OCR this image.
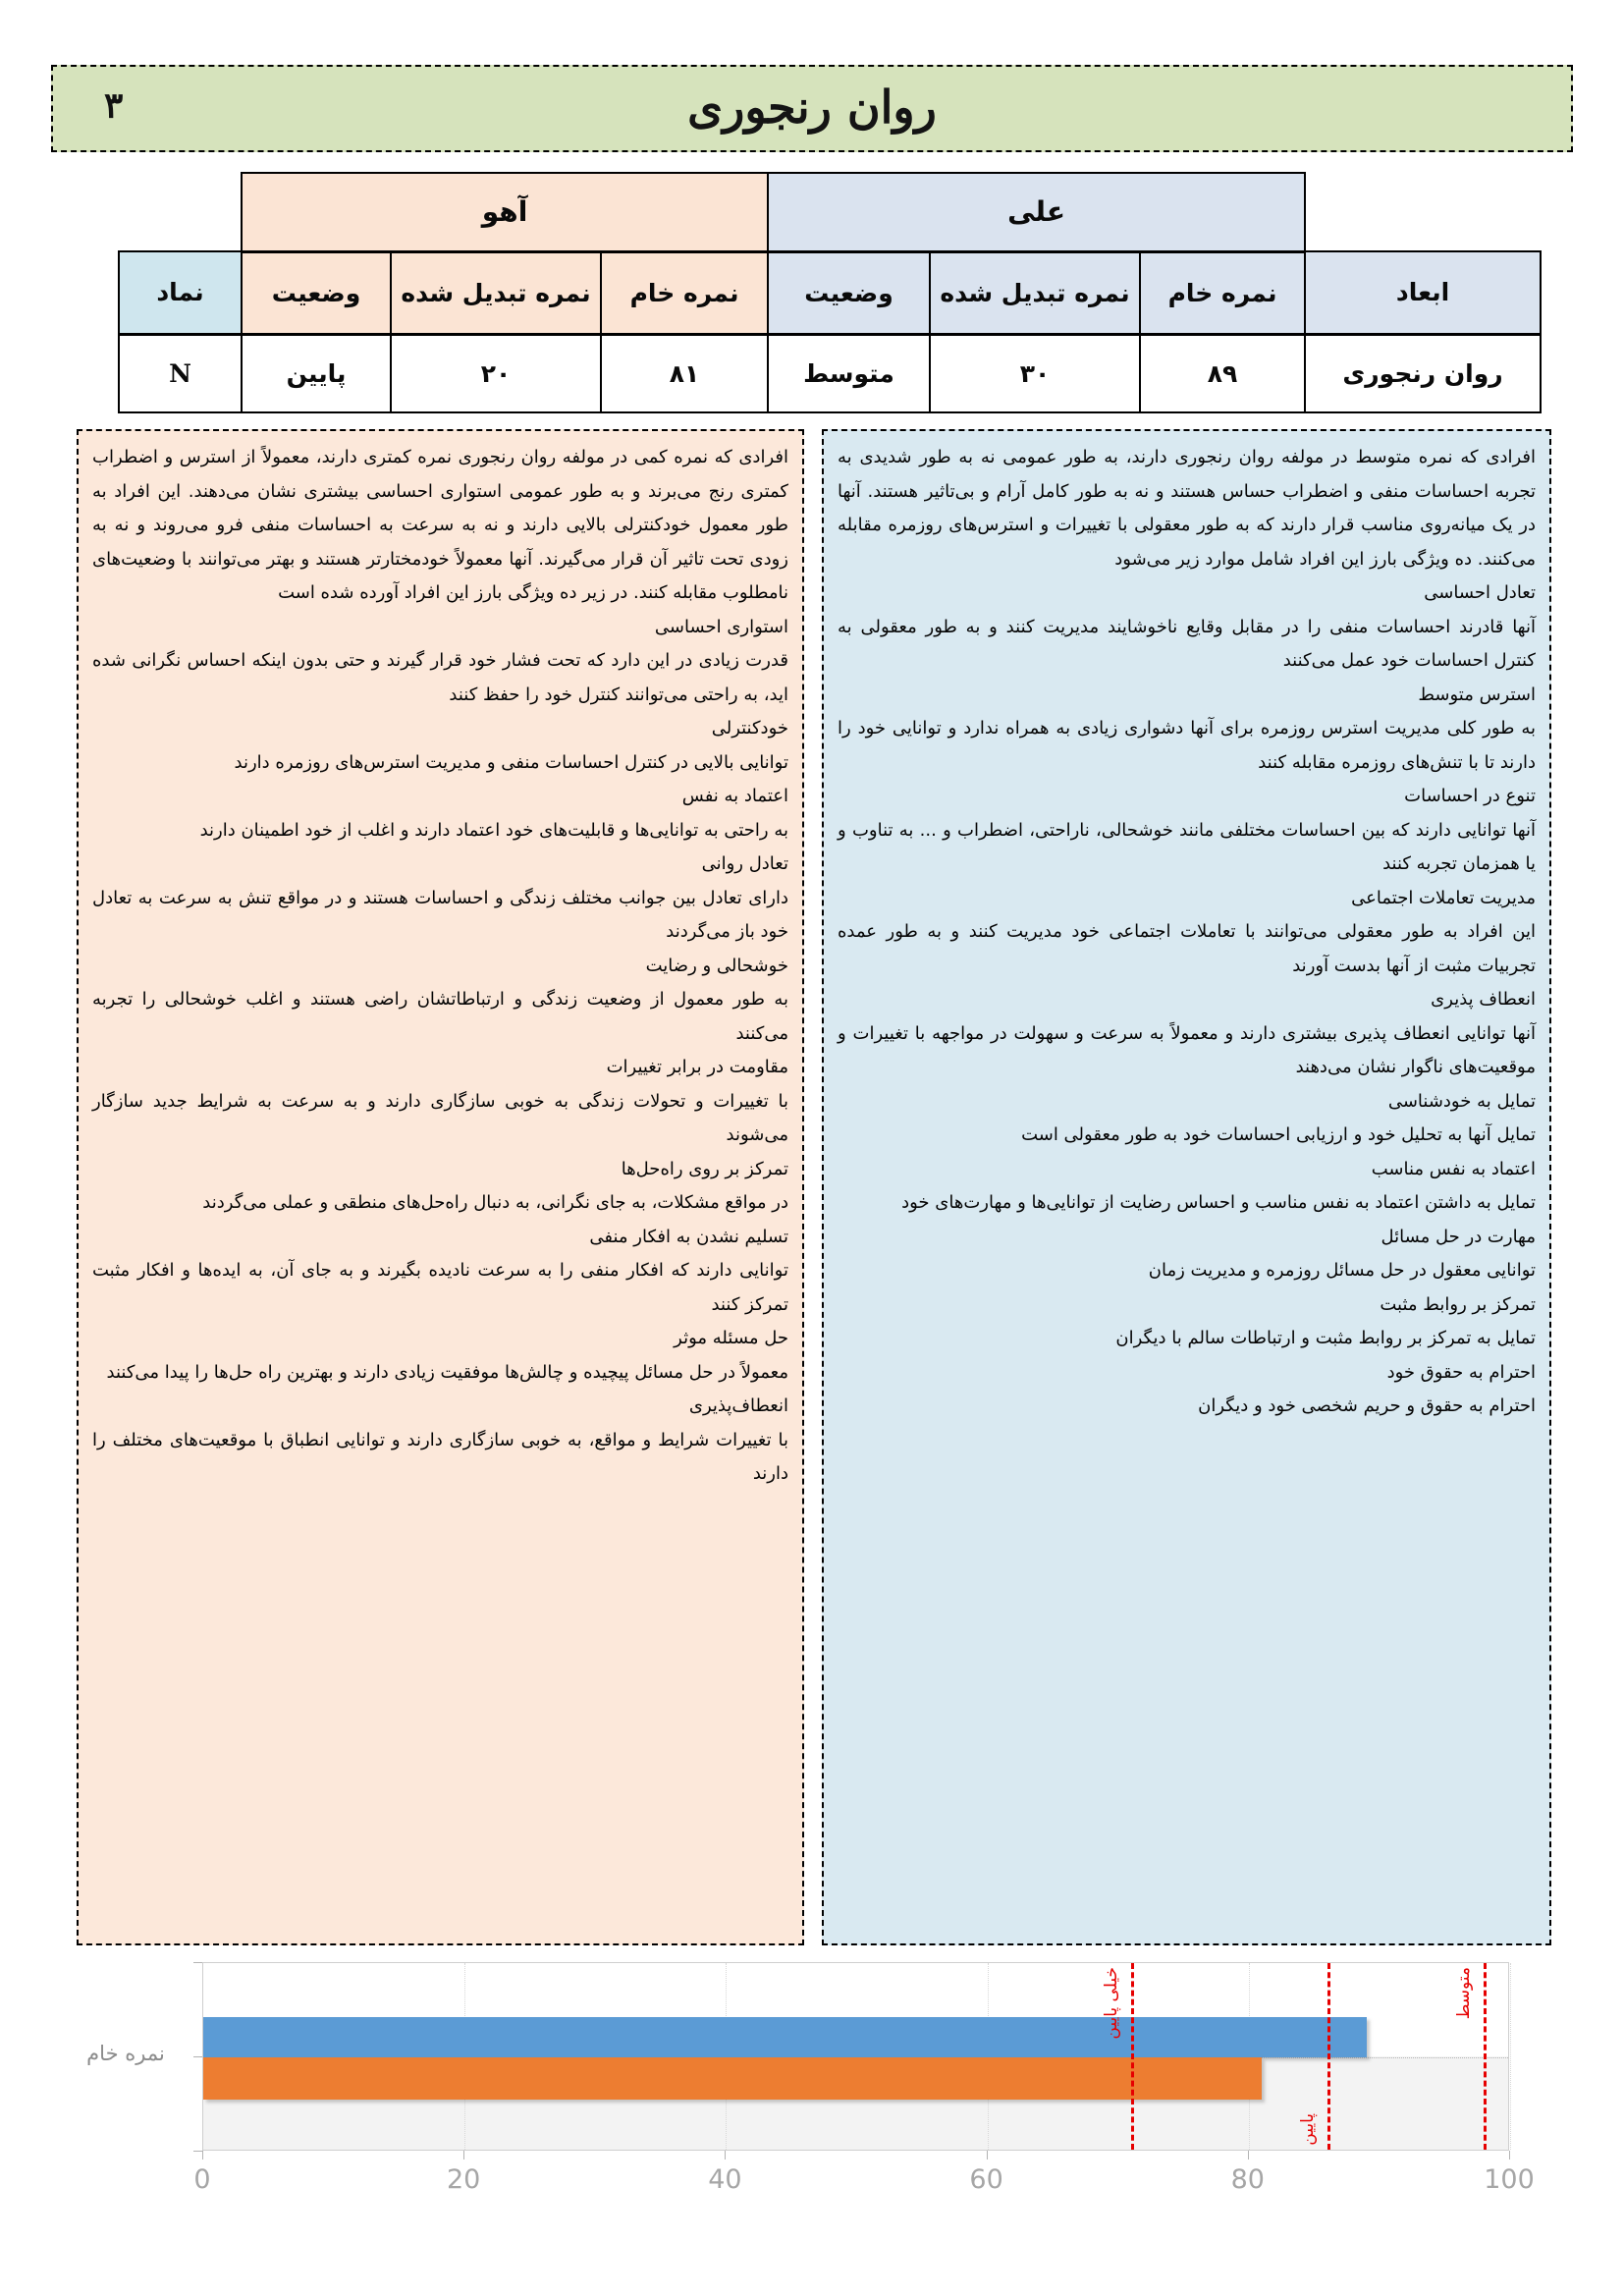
روان رنجوری
۳
	علی			آهو			
ابعاد	نمره خام	نمره تبدیل شده	وضعیت	نمره خام	نمره تبدیل شده	وضعیت	نماد
روان رنجوری	۸۹	۳۰	متوسط	۸۱	۲۰	پایین	N
افرادی که نمره متوسط در مولفه روان رنجوری دارند، به طور عمومی نه به طور شدیدی به تجربه احساسات منفی و اضطراب حساس هستند و نه به طور کامل آرام و بی‌تاثیر هستند. آنها در یک میانه‌روی مناسب قرار دارند که به طور معقولی با تغییرات و استرس‌های روزمره مقابله می‌کنند. ده ویژگی بارز این افراد شامل موارد زیر می‌شود
تعادل احساسی
آنها قادرند احساسات منفی را در مقابل وقایع ناخوشایند مدیریت کنند و به طور معقولی به کنترل احساسات خود عمل می‌کنند
استرس متوسط
به طور کلی مدیریت استرس روزمره برای آنها دشواری زیادی به همراه ندارد و توانایی خود را دارند تا با تنش‌های روزمره مقابله کنند
تنوع در احساسات
آنها توانایی دارند که بین احساسات مختلفی مانند خوشحالی، ناراحتی، اضطراب و ... به تناوب و یا همزمان تجربه کنند
مدیریت تعاملات اجتماعی
این افراد به طور معقولی می‌توانند با تعاملات اجتماعی خود مدیریت کنند و به طور عمده تجربیات مثبت از آنها بدست آورند
انعطاف پذیری
آنها توانایی انعطاف پذیری بیشتری دارند و معمولاً به سرعت و سهولت در مواجهه با تغییرات و موقعیت‌های ناگوار نشان می‌دهند
تمایل به خودشناسی
تمایل آنها به تحلیل خود و ارزیابی احساسات خود به طور معقولی است
اعتماد به نفس مناسب
تمایل به داشتن اعتماد به نفس مناسب و احساس رضایت از توانایی‌ها و مهارت‌های خود
مهارت در حل مسائل
توانایی معقول در حل مسائل روزمره و مدیریت زمان
تمرکز بر روابط مثبت
تمایل به تمرکز بر روابط مثبت و ارتباطات سالم با دیگران
احترام به حقوق خود
احترام به حقوق و حریم شخصی خود و دیگران
افرادی که نمره کمی در مولفه روان رنجوری نمره کمتری دارند، معمولاً از استرس و اضطراب کمتری رنج می‌برند و به طور عمومی استواری احساسی بیشتری نشان می‌دهند. این افراد به طور معمول خودکنترلی بالایی دارند و نه به سرعت به احساسات منفی فرو می‌روند و نه به زودی تحت تاثیر آن قرار می‌گیرند. آنها معمولاً خودمختارتر هستند و بهتر می‌توانند با وضعیت‌های نامطلوب مقابله کنند. در زیر ده ویژگی بارز این افراد آورده شده است
استواری احساسی
قدرت زیادی در این دارد که تحت فشار خود قرار گیرند و حتی بدون اینکه احساس نگرانی شده اید، به راحتی می‌توانند کنترل خود را حفظ کنند
خودکنترلی
توانایی بالایی در کنترل احساسات منفی و مدیریت استرس‌های روزمره دارند
اعتماد به نفس
به راحتی به توانایی‌ها و قابلیت‌های خود اعتماد دارند و اغلب از خود اطمینان دارند
تعادل روانی
دارای تعادل بین جوانب مختلف زندگی و احساسات هستند و در مواقع تنش به سرعت به تعادل خود باز می‌گردند
خوشحالی و رضایت
به طور معمول از وضعیت زندگی و ارتباطاتشان راضی هستند و اغلب خوشحالی را تجربه می‌کنند
مقاومت در برابر تغییرات
با تغییرات و تحولات زندگی به خوبی سازگاری دارند و به سرعت به شرایط جدید سازگار می‌شوند
تمرکز بر روی راه‌حل‌ها
در مواقع مشکلات، به جای نگرانی، به دنبال راه‌حل‌های منطقی و عملی می‌گردند
تسلیم نشدن به افکار منفی
توانایی دارند که افکار منفی را به سرعت نادیده بگیرند و به جای آن، به ایده‌ها و افکار مثبت تمرکز کنند
حل مسئله موثر
معمولاً در حل مسائل پیچیده و چالش‌ها موفقیت زیادی دارند و بهترین راه حل‌ها را پیدا می‌کنند
انعطاف‌پذیری
با تغییرات شرایط و مواقع، به خوبی سازگاری دارند و توانایی انطباق با موقعیت‌های مختلف را دارند
نمره خام
خیلی پایین
پایین
متوسط
0	20	40	60	80	100
